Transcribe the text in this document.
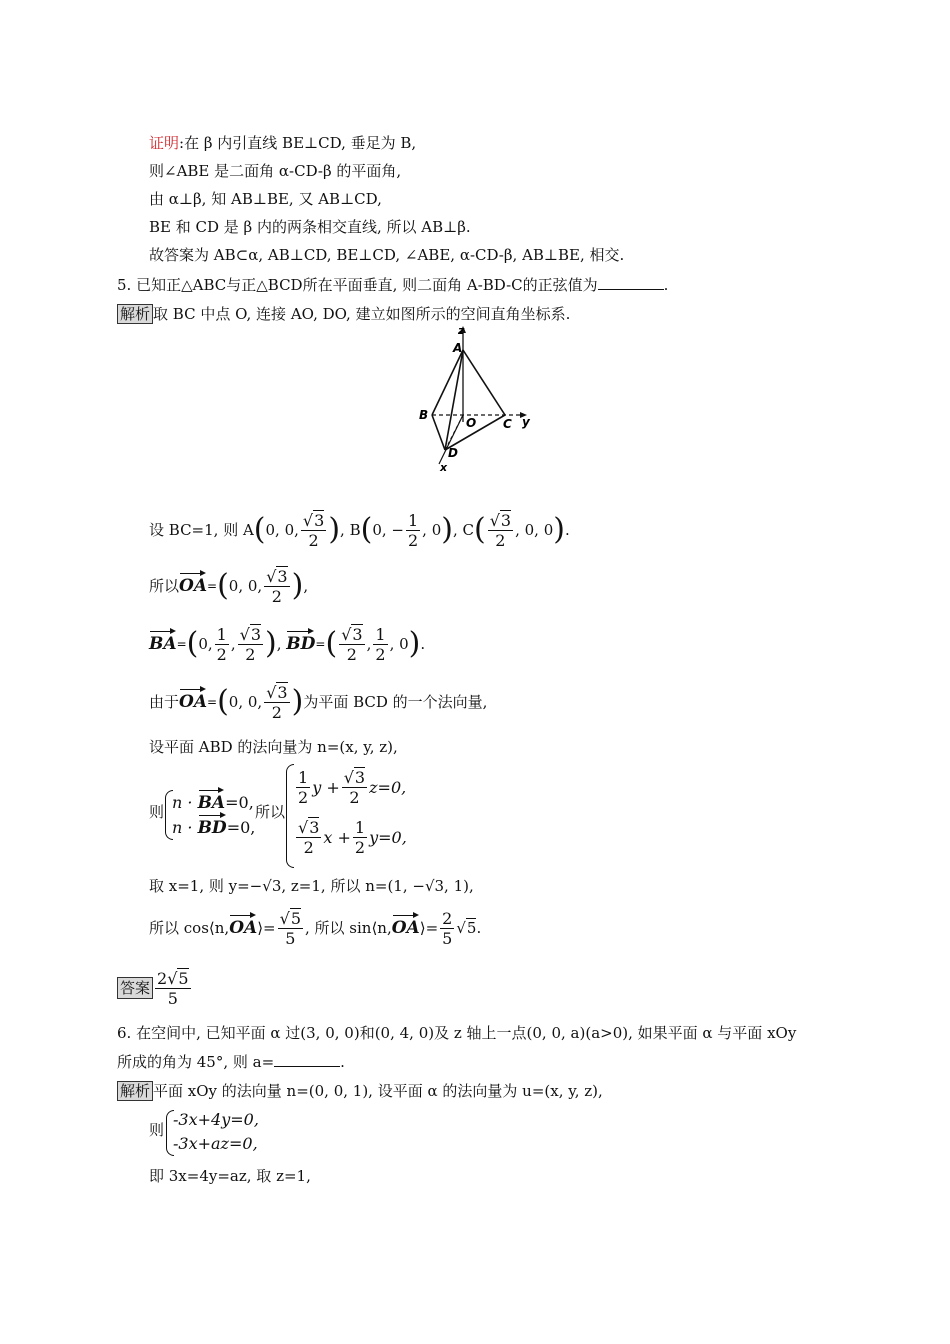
证明:在 β 内引直线 BE⊥CD, 垂足为 B,
则∠ABE 是二面角 α-CD-β 的平面角,
由 α⊥β, 知 AB⊥BE, 又 AB⊥CD,
BE 和 CD 是 β 内的两条相交直线, 所以 AB⊥β.
故答案为 AB⊂α, AB⊥CD, BE⊥CD, ∠ABE, α-CD-β, AB⊥BE, 相交.
5. 已知正△ABC与正△BCD所在平面垂直, 则二面角 A-BD-C的正弦值为	.
解析 取 BC 中点 O, 连接 AO, DO, 建立如图所示的空间直角坐标系.
z
A
B
O C y
D
x
设 BC=1, 则 A ( 0, 0, $\frac{√3}{2}$ ) , B ( 0, − $\frac{1}{2}$ , 0 ) , C ( $\frac{√3}{2}$ , 0, 0 ) .
所以 OA = ( 0, 0, $\frac{√3}{2}$ ) ,
BA = ( 0, $\frac{1}{2}$ , $\frac{√3}{2}$ ) ,
BD = ( $\frac{√3}{2}$ , $\frac{1}{2}$ , 0 ) .
由于 OA = ( 0, 0, $\frac{√3}{2}$ ) 为平面 BCD 的一个法向量,
设平面 ABD 的法向量为 n=(x, y, z),
则 n · BA=0,
n · BD=0,
所以
$\frac{1}{2}$ $y + \frac{√3}{2} z=0$,
$\frac{√3}{2}$ $x + \frac{1}{2} y=0$,
取 x=1, 则 y=−√3, z=1, 所以 n=(1, −√3, 1),
所以 cos⟨n, OA ⟩= $\frac{√5}{5}$ , 所以 sin⟨n, OA ⟩= $\frac{2}{5}$ √ 5 .
答案 $\frac{2√5}{5}$
6. 在空间中, 已知平面 α 过(3, 0, 0)和(0, 4, 0)及 z 轴上一点(0, 0, a)(a>0), 如果平面 α 与平面 xOy
所成的角为 45°, 则 a=	.
解析 平面 xOy 的法向量 n=(0, 0, 1), 设平面 α 的法向量为 u=(x, y, z),
则
-3x+4y=0,
-3x+az=0,
即 3x=4y=az, 取 z=1,
